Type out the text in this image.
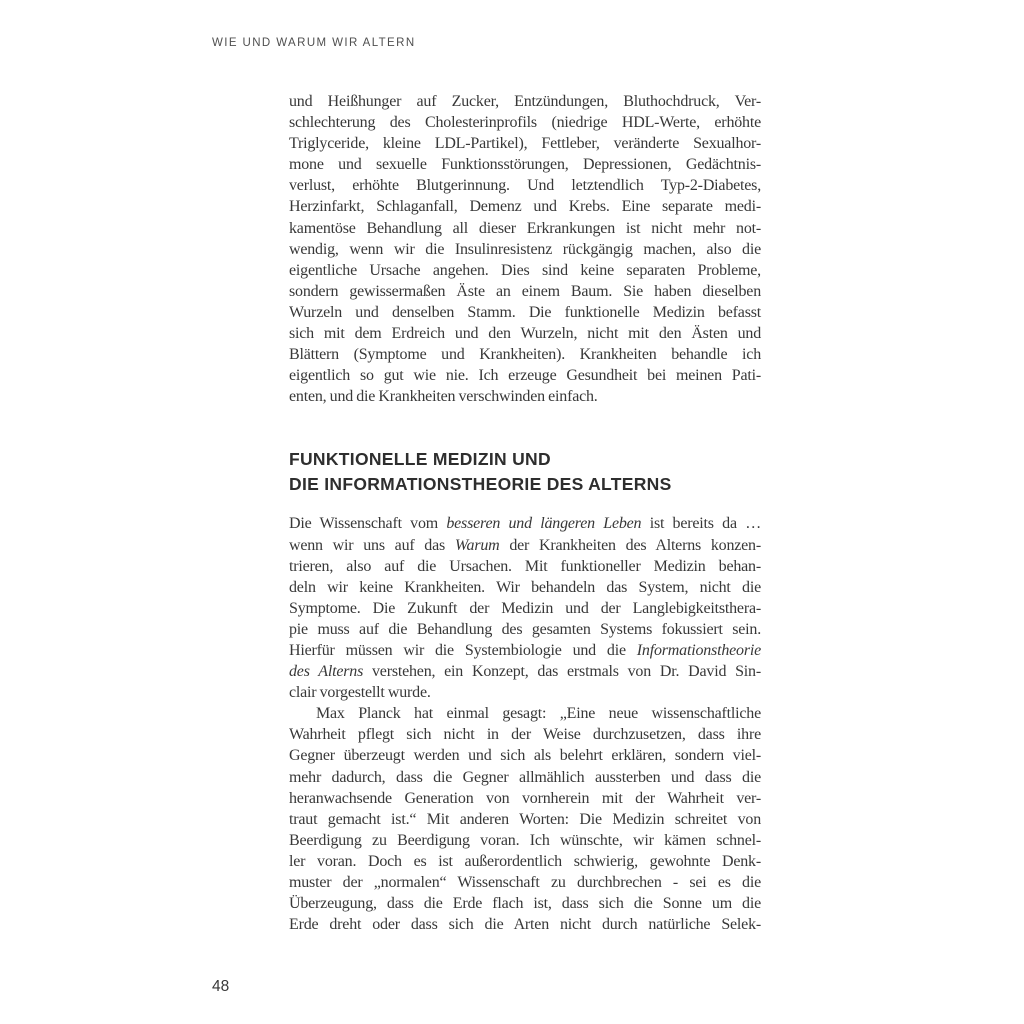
WIE UND WARUM WIR ALTERN
und Heißhunger auf Zucker, Entzündungen, Bluthochdruck, Ver-
schlechterung des Cholesterinprofils (niedrige HDL-Werte, erhöhte
Triglyceride, kleine LDL-Partikel), Fettleber, veränderte Sexualhor-
mone und sexuelle Funktionsstörungen, Depressionen, Gedächtnis-
verlust, erhöhte Blutgerinnung. Und letztendlich Typ-2-Diabetes,
Herzinfarkt, Schlaganfall, Demenz und Krebs. Eine separate medi-
kamentöse Behandlung all dieser Erkrankungen ist nicht mehr not-
wendig, wenn wir die Insulinresistenz rückgängig machen, also die
eigentliche Ursache angehen. Dies sind keine separaten Probleme,
sondern gewissermaßen Äste an einem Baum. Sie haben dieselben
Wurzeln und denselben Stamm. Die funktionelle Medizin befasst
sich mit dem Erdreich und den Wurzeln, nicht mit den Ästen und
Blättern (Symptome und Krankheiten). Krankheiten behandle ich
eigentlich so gut wie nie. Ich erzeuge Gesundheit bei meinen Pati-
enten, und die Krankheiten verschwinden einfach.
FUNKTIONELLE MEDIZIN UND
DIE INFORMATIONSTHEORIE DES ALTERNS
Die Wissenschaft vom besseren und längeren Leben ist bereits da …
wenn wir uns auf das Warum der Krankheiten des Alterns konzen-
trieren, also auf die Ursachen. Mit funktioneller Medizin behan-
deln wir keine Krankheiten. Wir behandeln das System, nicht die
Symptome. Die Zukunft der Medizin und der Langlebigkeitsthera-
pie muss auf die Behandlung des gesamten Systems fokussiert sein.
Hierfür müssen wir die Systembiologie und die Informationstheorie
des Alterns verstehen, ein Konzept, das erstmals von Dr. David Sin-
clair vorgestellt wurde.
Max Planck hat einmal gesagt: „Eine neue wissenschaftliche
Wahrheit pflegt sich nicht in der Weise durchzusetzen, dass ihre
Gegner überzeugt werden und sich als belehrt erklären, sondern viel-
mehr dadurch, dass die Gegner allmählich aussterben und dass die
heranwachsende Generation von vornherein mit der Wahrheit ver-
traut gemacht ist.“ Mit anderen Worten: Die Medizin schreitet von
Beerdigung zu Beerdigung voran. Ich wünschte, wir kämen schnel-
ler voran. Doch es ist außerordentlich schwierig, gewohnte Denk-
muster der „normalen“ Wissenschaft zu durchbrechen - sei es die
Überzeugung, dass die Erde flach ist, dass sich die Sonne um die
Erde dreht oder dass sich die Arten nicht durch natürliche Selek-
48
